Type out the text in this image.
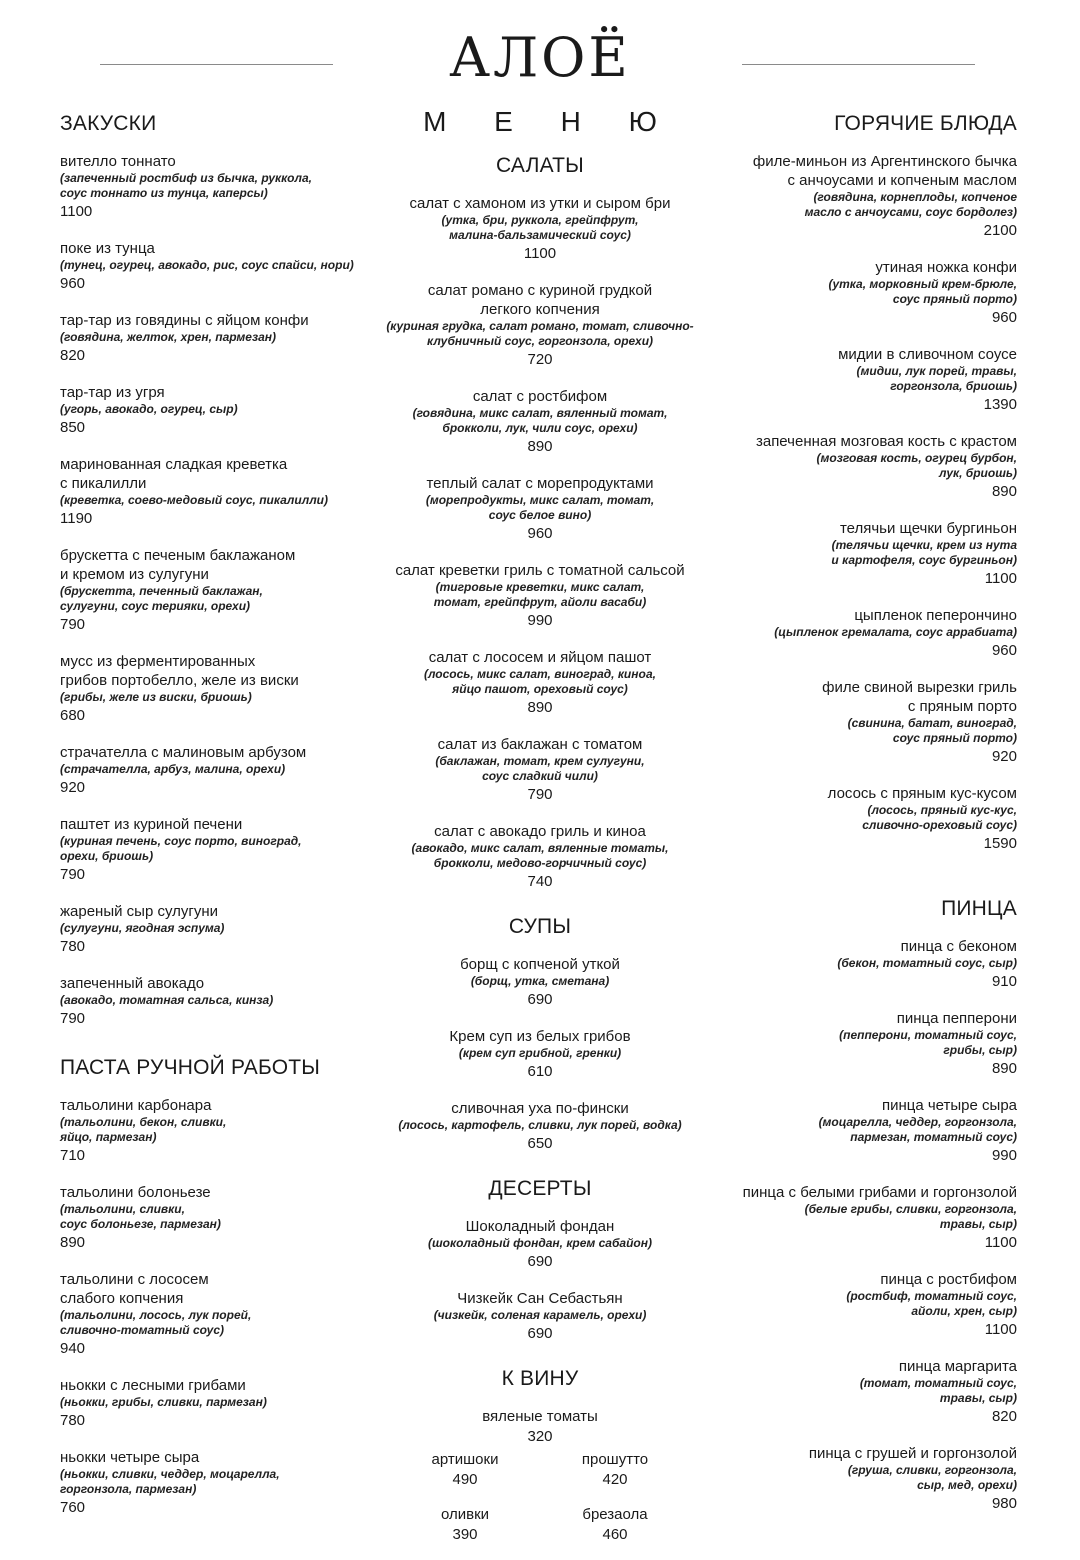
АЛОЁ
М Е Н Ю
ЗАКУСКИ
вителло тоннато
(запеченный ростбиф из бычка, руккола,
соус тоннато из тунца, каперсы)
1100
поке из тунца
(тунец, огурец, авокадо, рис, соус спайси, нори)
960
тар-тар из говядины с яйцом конфи
(говядина, желток, хрен, пармезан)
820
тар-тар из угря
(угорь, авокадо, огурец, сыр)
850
маринованная сладкая креветка
с пикалилли
(креветка, соево-медовый соус, пикалилли)
1190
брускетта с печеным баклажаном
и кремом из сулугуни
(брускетта, печенный баклажан,
сулугуни, соус терияки, орехи)
790
мусс из ферментированных
грибов портобелло, желе из виски
(грибы, желе из виски, бриошь)
680
страчателла с малиновым арбузом
(страчателла, арбуз, малина, орехи)
920
паштет из куриной печени
(куриная печень, соус порто, виноград,
орехи, бриошь)
790
жареный сыр сулугуни
(сулугуни, ягодная эспума)
780
запеченный авокадо
(авокадо, томатная сальса, кинза)
790
ПАСТА РУЧНОЙ РАБОТЫ
тальолини карбонара
(тальолини, бекон, сливки,
яйцо, пармезан)
710
тальолини болоньезе
(тальолини, сливки,
соус болоньезе, пармезан)
890
тальолини с лососем
слабого копчения
(тальолини, лосось, лук порей,
сливочно-томатный соус)
940
ньокки с лесными грибами
(ньокки, грибы, сливки, пармезан)
780
ньокки четыре сыра
(ньокки, сливки, чеддер, моцарелла,
горгонзола, пармезан)
760
САЛАТЫ
салат с хамоном из утки и сыром бри
(утка, бри, руккола, грейпфрут,
малина-бальзамический соус)
1100
салат романо с куриной грудкой
легкого копчения
(куриная грудка, салат романо, томат, сливочно-
клубничный соус, горгонзола, орехи)
720
салат с ростбифом
(говядина, микс салат, вяленный томат,
брокколи, лук, чили соус, орехи)
890
теплый салат с морепродуктами
(морепродукты, микс салат, томат,
соус белое вино)
960
салат креветки гриль с томатной сальсой
(тигровые креветки, микс салат,
томат, грейпфрут, айоли васаби)
990
салат с лососем и яйцом пашот
(лосось, микс салат, виноград, киноа,
яйцо пашот, ореховый соус)
890
салат из баклажан с томатом
(баклажан, томат, крем сулугуни,
соус сладкий чили)
790
салат с авокадо гриль и киноа
(авокадо, микс салат, вяленные томаты,
брокколи, медово-горчичный соус)
740
СУПЫ
борщ с копченой уткой
(борщ, утка, сметана)
690
Крем суп из белых грибов
(крем суп грибной, гренки)
610
сливочная уха по-фински
(лосось, картофель, сливки, лук порей, водка)
650
ДЕСЕРТЫ
Шоколадный фондан
(шоколадный фондан, крем сабайон)
690
Чизкейк Сан Себастьян
(чизкейк, соленая карамель, орехи)
690
К ВИНУ
вяленые томаты
320
артишоки
490
прошутто
420
оливки
390
брезаола
460
ГОРЯЧИЕ БЛЮДА
филе-миньон из Аргентинского бычка
с анчоусами и копченым маслом
(говядина, корнеплоды, копченое
масло с анчоусами, соус бордолез)
2100
утиная ножка конфи
(утка, морковный крем-брюле,
соус пряный порто)
960
мидии в сливочном соусе
(мидии, лук порей, травы,
горгонзола, бриошь)
1390
запеченная мозговая кость с крастом
(мозговая кость, огурец бурбон,
лук, бриошь)
890
телячьи щечки бургиньон
(телячьи щечки, крем из нута
и картофеля, соус бургиньон)
1100
цыпленок пеперончино
(цыпленок гремалата, соус аррабиата)
960
филе свиной вырезки гриль
с пряным порто
(свинина, батат, виноград,
соус пряный порто)
920
лосось с пряным кус-кусом
(лосось, пряный кус-кус,
сливочно-ореховый соус)
1590
ПИНЦА
пинца с беконом
(бекон, томатный соус, сыр)
910
пинца пепперони
(пепперони, томатный соус,
грибы, сыр)
890
пинца четыре сыра
(моцарелла, чеддер, горгонзола,
пармезан, томатный соус)
990
пинца с белыми грибами и горгонзолой
(белые грибы, сливки, горгонзола,
травы, сыр)
1100
пинца с ростбифом
(ростбиф, томатный соус,
айоли, хрен, сыр)
1100
пинца маргарита
(томат, томатный соус,
травы, сыр)
820
пинца с грушей и горгонзолой
(груша, сливки, горгонзола,
сыр, мед, орехи)
980
